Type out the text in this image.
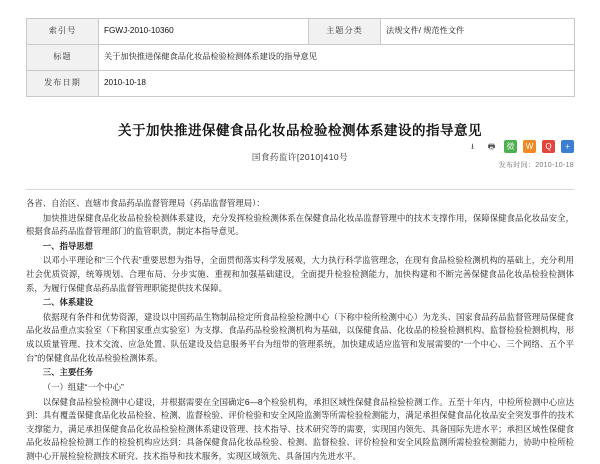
索引号	FGWJ-2010-10360	主题分类	法规文件/ 规范性文件
标题	关于加快推进保健食品化妆品检验检测体系建设的指导意见		
发布日期	2010-10-18		
关于加快推进保健食品化妆品检验检测体系建设的指导意见
国食药监许[2010]410号
⭳	🖶	微	W	Q	+
发布时间：2010-10-18

各省、自治区、直辖市食品药品监督管理局（药品监督管理局）：

加快推进保健食品化妆品检验检测体系建设，充分发挥检验检测体系在保健食品化妆品监督管理中的技术支撑作用，保障保健食品化妆品安全，根据食品药品监督管理部门的监管职责，制定本指导意见。

一、指导思想

以邓小平理论和“三个代表”重要思想为指导，全面贯彻落实科学发展观，大力执行科学监管理念，在现有食品检验检测机构的基础上，充分利用社会优质资源，统筹规划、合理布局、分步实施、重视和加强基础建设，全面提升检验检测能力，加快构建和不断完善保健食品化妆品检验检测体系，为履行保健食品药品监督管理职能提供技术保障。

二、体系建设

依据现有条件和优势资源，建设以中国药品生物制品检定所食品检验检测中心（下称中检所检测中心）为龙头、国家食品药品监督管理局保健食品化妆品重点实验室（下称国家重点实验室）为支撑、食品药品检验检测机构为基础，以保健食品、化妆品的检验检测机构、监督检验检测机构，形成以质量管理、技术交流、应急处置、队伍建设及信息服务平台为纽带的管理系统，加快建成适应监管和发展需要的“一个中心、三个网络、五个平台”的保健食品化妆品检验检测体系。

三、主要任务

（一）组建“一个中心”

以保健食品检验检测中心建设，并根据需要在全国确定6—8个检验机构，承担区域性保健食品检验检测工作。五至十年内，中检所检测中心应达到：具有覆盖保健食品化妆品检验、检测、监督检验、评价检验和安全风险监测等所需检验检测能力，满足承担保健食品化妆品安全突发事件的技术支撑能力，满足承担保健食品化妆品检验检测体系建设管理、技术指导、技术研究等的需要，实现国内领先、具备国际先进水平；承担区域性保健食品化妆品检验检测工作的检验机构应达到：具备保健食品化妆品检验、检测、监督检验、评价检验和安全风险监测所需检验检测能力，协助中检所检测中心开展检验检测技术研究、技术指导和技术服务，实现区域领先、具备国内先进水平。
